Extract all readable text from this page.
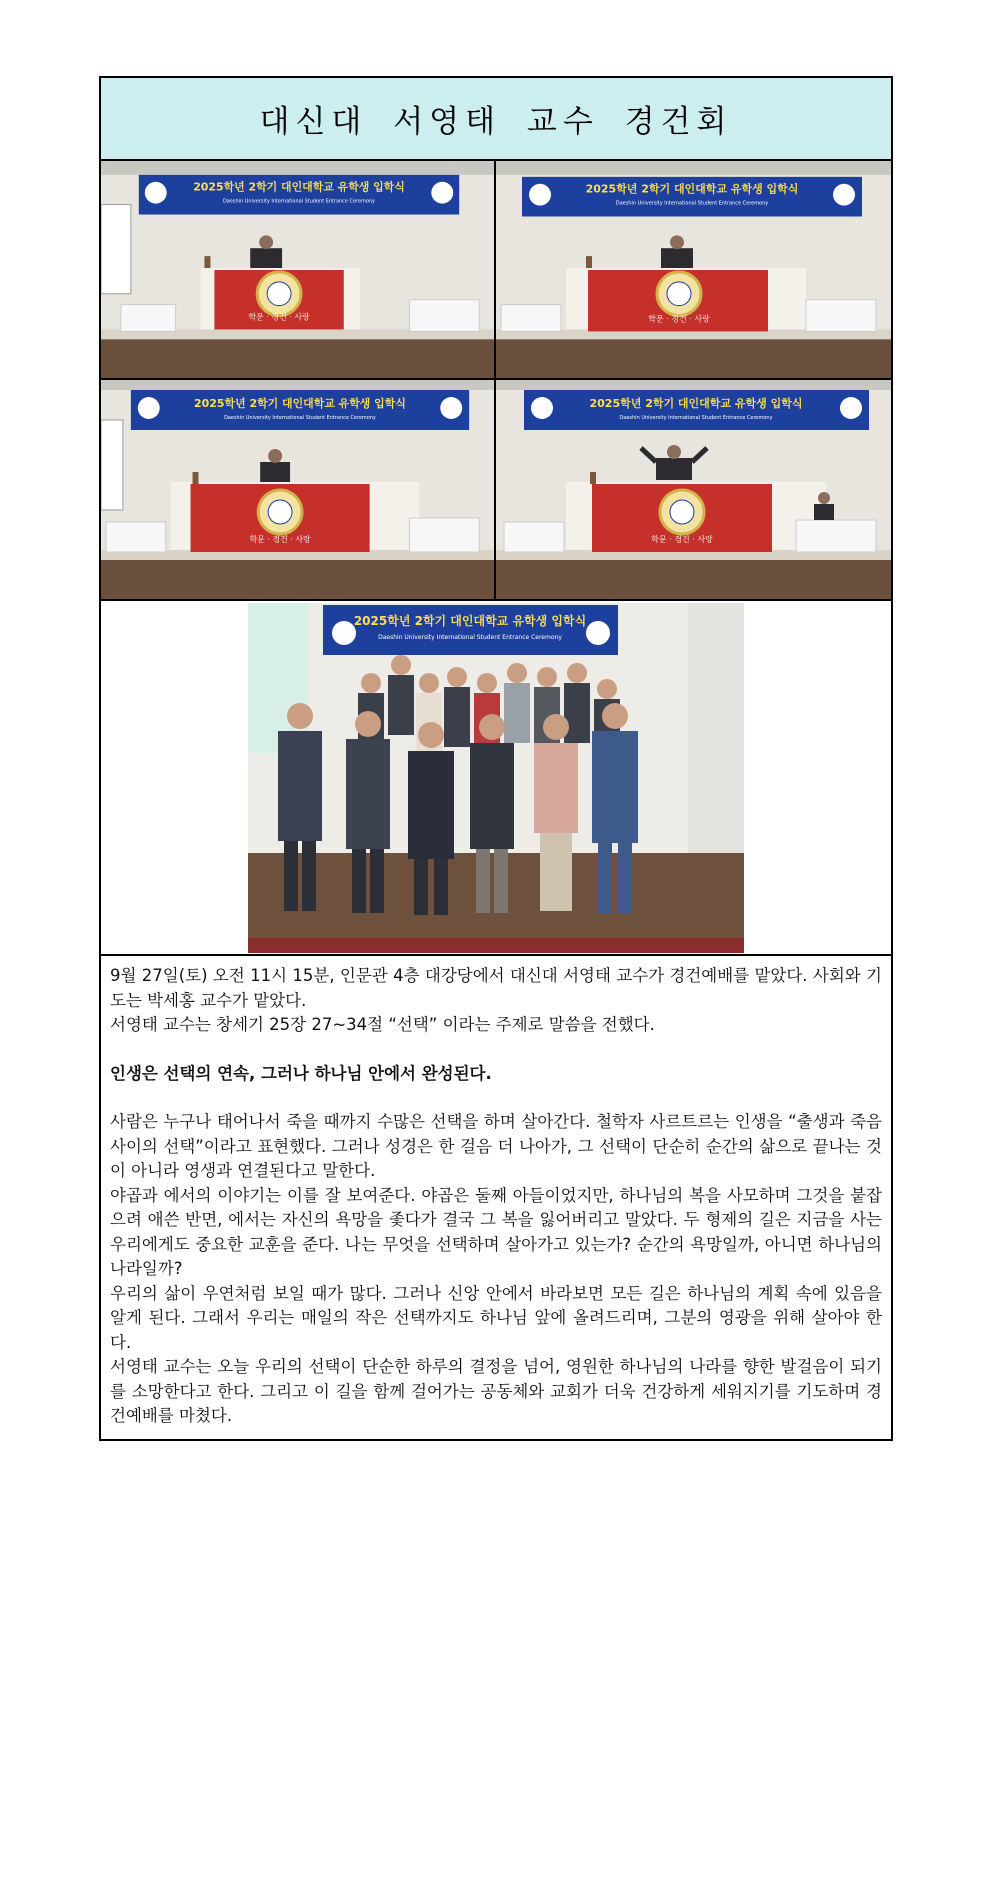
대신대 서영태 교수 경건회
2025학년 2학기 대인대학교 유학생 입학식
Daeshin University International Student Entrance Ceremony
학문 · 경건 · 사랑
2025학년 2학기 대인대학교 유학생 입학식
Daeshin University International Student Entrance Ceremony
학문 · 경건 · 사랑
2025학년 2학기 대인대학교 유학생 입학식
Daeshin University International Student Entrance Ceremony
학문 · 경건 · 사랑
2025학년 2학기 대인대학교 유학생 입학식
Daeshin University International Student Entrance Ceremony
학문 · 경건 · 사랑
2025학년 2학기 대인대학교 유학생 입학식
Daeshin University International Student Entrance Ceremony

9월 27일(토) 오전 11시 15분, 인문관 4층 대강당에서 대신대 서영태 교수가 경건예배를 맡았다. 사회와 기도는 박세홍 교수가 맡았다.

서영태 교수는 창세기 25장 27~34절 “선택” 이라는 주제로 말씀을 전했다.

인생은 선택의 연속, 그러나 하나님 안에서 완성된다.

사람은 누구나 태어나서 죽을 때까지 수많은 선택을 하며 살아간다. 철학자 사르트르는 인생을 “출생과 죽음 사이의 선택”이라고 표현했다. 그러나 성경은 한 걸음 더 나아가, 그 선택이 단순히 순간의 삶으로 끝나는 것이 아니라 영생과 연결된다고 말한다.

야곱과 에서의 이야기는 이를 잘 보여준다. 야곱은 둘째 아들이었지만, 하나님의 복을 사모하며 그것을 붙잡으려 애쓴 반면, 에서는 자신의 욕망을 좇다가 결국 그 복을 잃어버리고 말았다. 두 형제의 길은 지금을 사는 우리에게도 중요한 교훈을 준다. 나는 무엇을 선택하며 살아가고 있는가? 순간의 욕망일까, 아니면 하나님의 나라일까?

우리의 삶이 우연처럼 보일 때가 많다. 그러나 신앙 안에서 바라보면 모든 길은 하나님의 계획 속에 있음을 알게 된다. 그래서 우리는 매일의 작은 선택까지도 하나님 앞에 올려드리며, 그분의 영광을 위해 살아야 한다.

서영태 교수는 오늘 우리의 선택이 단순한 하루의 결정을 넘어, 영원한 하나님의 나라를 향한 발걸음이 되기를 소망한다고 한다. 그리고 이 길을 함께 걸어가는 공동체와 교회가 더욱 건강하게 세워지기를 기도하며 경건예배를 마쳤다.
